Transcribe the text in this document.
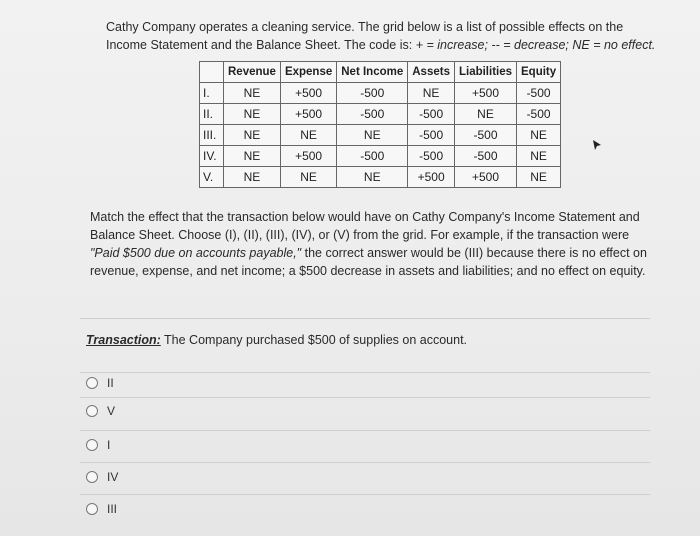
Cathy Company operates a cleaning service. The grid below is a list of possible effects on the
Income Statement and the Balance Sheet. The code is: + = increase; -- = decrease; NE = no effect.
	Revenue	Expense	Net Income	Assets	Liabilities	Equity
I.	NE	+500	-500	NE	+500	-500
II.	NE	+500	-500	-500	NE	-500
III.	NE	NE	NE	-500	-500	NE
IV.	NE	+500	-500	-500	-500	NE
V.	NE	NE	NE	+500	+500	NE
Match the effect that the transaction below would have on Cathy Company's Income Statement and Balance Sheet. Choose (I), (II), (III), (IV), or (V) from the grid. For example, if the transaction were "Paid $500 due on accounts payable," the correct answer would be (III) because there is no effect on revenue, expense, and net income; a $500 decrease in assets and liabilities; and no effect on equity.
Transaction: The Company purchased $500 of supplies on account.
II
V
I
IV
III
